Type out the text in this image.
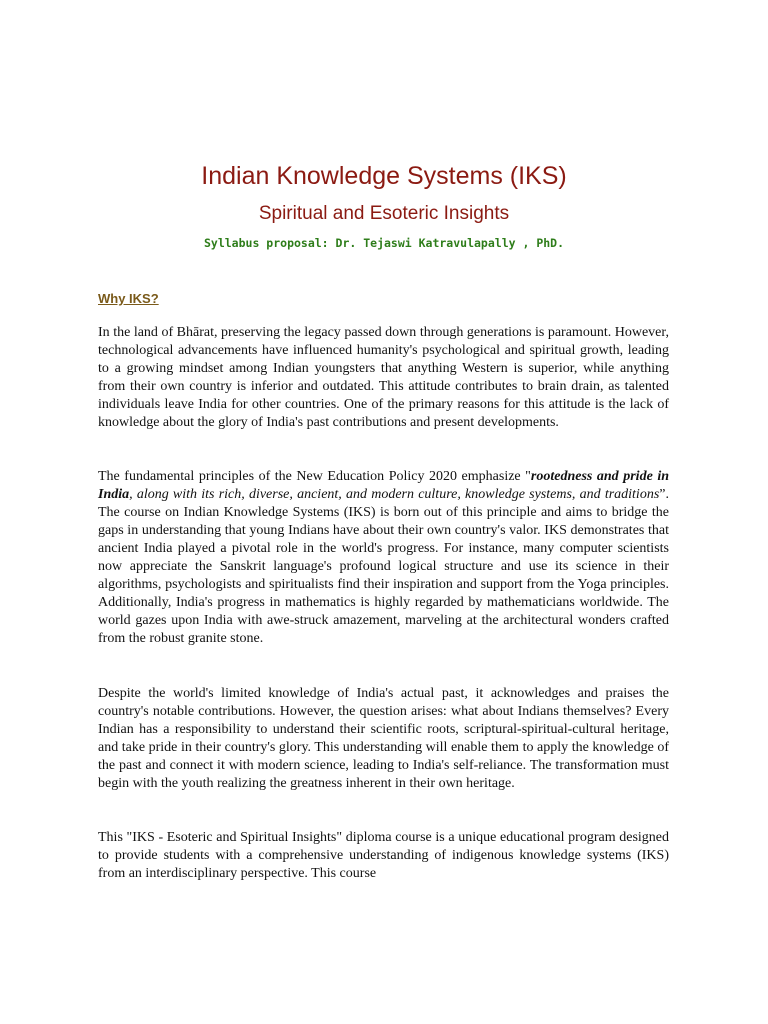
Indian Knowledge Systems (IKS)
Spiritual and Esoteric Insights

Syllabus proposal: Dr. Tejaswi Katravulapally , PhD.

Why IKS?

In the land of Bhārat, preserving the legacy passed down through generations is paramount. However, technological advancements have influenced humanity's psychological and spiritual growth, leading to a growing mindset among Indian youngsters that anything Western is superior, while anything from their own country is inferior and outdated. This attitude contributes to brain drain, as talented individuals leave India for other countries. One of the primary reasons for this attitude is the lack of knowledge about the glory of India's past contributions and present developments.

The fundamental principles of the New Education Policy 2020 emphasize "rootedness and pride in India, along with its rich, diverse, ancient, and modern culture, knowledge systems, and traditions”. The course on Indian Knowledge Systems (IKS) is born out of this principle and aims to bridge the gaps in understanding that young Indians have about their own country's valor. IKS demonstrates that ancient India played a pivotal role in the world's progress. For instance, many computer scientists now appreciate the Sanskrit language's profound logical structure and use its science in their algorithms, psychologists and spiritualists find their inspiration and support from the Yoga principles. Additionally, India's progress in mathematics is highly regarded by mathematicians worldwide. The world gazes upon India with awe-struck amazement, marveling at the architectural wonders crafted from the robust granite stone.

Despite the world's limited knowledge of India's actual past, it acknowledges and praises the country's notable contributions. However, the question arises: what about Indians themselves? Every Indian has a responsibility to understand their scientific roots, scriptural-spiritual-cultural heritage, and take pride in their country's glory. This understanding will enable them to apply the knowledge of the past and connect it with modern science, leading to India's self-reliance. The transformation must begin with the youth realizing the greatness inherent in their own heritage.

This "IKS - Esoteric and Spiritual Insights" diploma course is a unique educational program designed to provide students with a comprehensive understanding of indigenous knowledge systems (IKS) from an interdisciplinary perspective. This course
